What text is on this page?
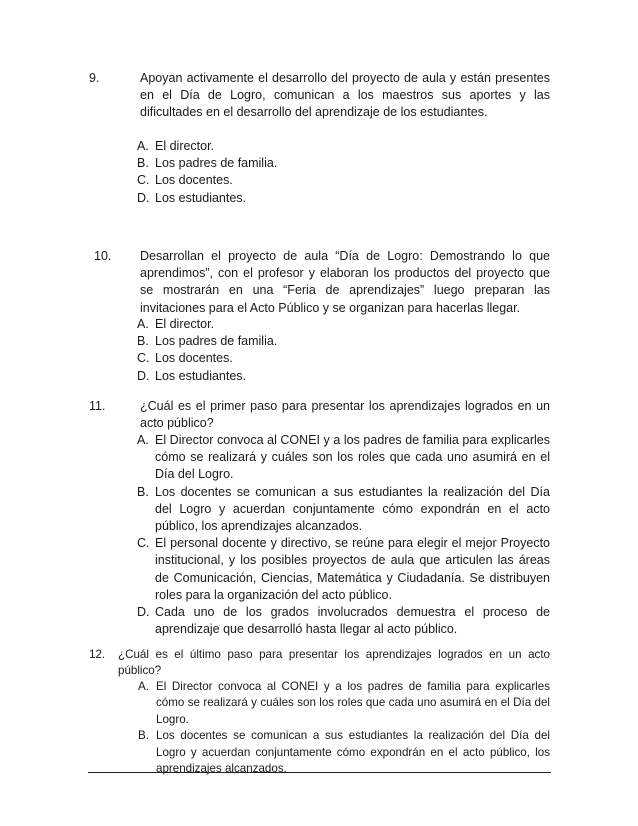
9.	Apoyan activamente el desarrollo del proyecto de aula y están presentes en el Día de Logro, comunican a los maestros sus aportes y las dificultades en el desarrollo del aprendizaje de los estudiantes.

A. El director.
B. Los padres de familia.
C. Los docentes.
D. Los estudiantes.
10. Desarrollan el proyecto de aula “Día de Logro: Demostrando lo que aprendimos”, con el profesor y elaboran los productos del proyecto que se mostrarán en una “Feria de aprendizajes” luego preparan las invitaciones para el Acto Público y se organizan para hacerlas llegar.

A. El director.
B. Los padres de familia.
C. Los docentes.
D. Los estudiantes.
11.	¿Cuál es el primer paso para presentar los aprendizajes logrados en un acto público?

A. El Director convoca al CONEI y a los padres de familia para explicarles cómo se realizará y cuáles son los roles que cada uno asumirá en el Día del Logro.
B. Los docentes se comunican a sus estudiantes la realización del Día del Logro y acuerdan conjuntamente cómo expondrán en el acto público, los aprendizajes alcanzados.
C. El personal docente y directivo, se reúne para elegir el mejor Proyecto institucional, y los posibles proyectos de aula que articulen las áreas de Comunicación, Ciencias, Matemática y Ciudadanía. Se distribuyen roles para la organización del acto público.
D. Cada uno de los grados involucrados demuestra el proceso de aprendizaje que desarrolló hasta llegar al acto público.
12. ¿Cuál es el último paso para presentar los aprendizajes logrados en un acto público?

A. El Director convoca al CONEI y a los padres de familia para explicarles cómo se realizará y cuáles son los roles que cada uno asumirá en el Día del Logro.
B. Los docentes se comunican a sus estudiantes la realización del Día del Logro y acuerdan conjuntamente cómo expondrán en el acto público, los aprendizajes alcanzados.
